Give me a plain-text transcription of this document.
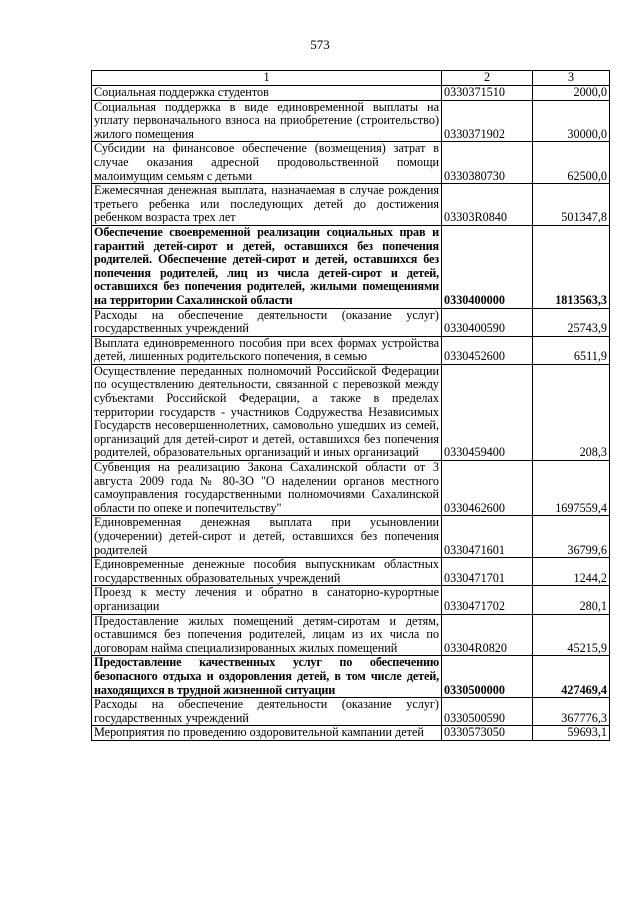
573
1	2	3
Социальная поддержка студентов	0330371510	2000,0
Социальная поддержка в виде единовременной выплаты на уплату первоначального взноса на приобретение (строительство) жилого помещения	0330371902	30000,0
Субсидии на финансовое обеспечение (возмещения) затрат в случае оказания адресной продовольственной помощи малоимущим семьям с детьми	0330380730	62500,0
Ежемесячная денежная выплата, назначаемая в случае рождения третьего ребенка или последующих детей до достижения ребенком возраста трех лет	03303R0840	501347,8
Обеспечение своевременной реализации социальных прав и гарантий детей-сирот и детей, оставшихся без попечения родителей. Обеспечение детей-сирот и детей, оставшихся без попечения родителей, лиц из числа детей-сирот и детей, оставшихся без попечения родителей, жилыми помещениями на территории Сахалинской области	0330400000	1813563,3
Расходы на обеспечение деятельности (оказание услуг) государственных учреждений	0330400590	25743,9
Выплата единовременного пособия при всех формах устройства детей, лишенных родительского попечения, в семью	0330452600	6511,9
Осуществление переданных полномочий Российской Федерации по осуществлению деятельности, связанной с перевозкой между субъектами Российской Федерации, а также в пределах территории государств - участников Содружества Независимых Государств несовершеннолетних, самовольно ушедших из семей, организаций для детей-сирот и детей, оставшихся без попечения родителей, образовательных организаций и иных организаций	0330459400	208,3
Субвенция на реализацию Закона Сахалинской области от 3 августа 2009 года № 80-ЗО "О наделении органов местного самоуправления государственными полномочиями Сахалинской области по опеке и попечительству"	0330462600	1697559,4
Единовременная денежная выплата при усыновлении (удочерении) детей-сирот и детей, оставшихся без попечения родителей	0330471601	36799,6
Единовременные денежные пособия выпускникам областных государственных образовательных учреждений	0330471701	1244,2
Проезд к месту лечения и обратно в санаторно-курортные организации	0330471702	280,1
Предоставление жилых помещений детям-сиротам и детям, оставшимся без попечения родителей, лицам из их числа по договорам найма специализированных жилых помещений	03304R0820	45215,9
Предоставление качественных услуг по обеспечению безопасного отдыха и оздоровления детей, в том числе детей, находящихся в трудной жизненной ситуации	0330500000	427469,4
Расходы на обеспечение деятельности (оказание услуг) государственных учреждений	0330500590	367776,3
Мероприятия по проведению оздоровительной кампании детей	0330573050	59693,1
